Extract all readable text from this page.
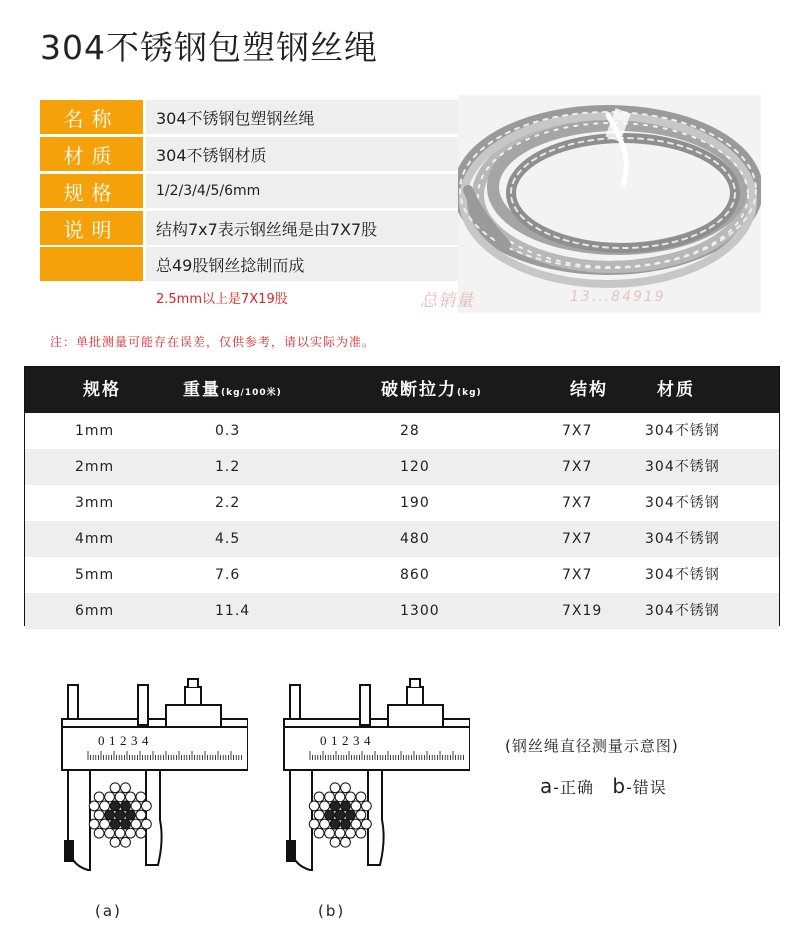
304不锈钢包塑钢丝绳
名称	304不锈钢包塑钢丝绳
材质	304不锈钢材质
规格	1/2/3/4/5/6mm
说明	结构7x7表示钢丝绳是由7X7股
总49股钢丝捻制而成
2.5mm以上是7X19股	总销量	13...84919
注：单批测量可能存在误差，仅供参考，请以实际为准。
规格	重量(kg/100米)	破断拉力(kg)	结构	材质
1mm	0.3	28	7X7	304不锈钢
2mm	1.2	120	7X7	304不锈钢
3mm	2.2	190	7X7	304不锈钢
4mm	4.5	480	7X7	304不锈钢
5mm	7.6	860	7X7	304不锈钢
6mm	11.4	1300	7X19	304不锈钢
0 1 2 3 4	0 1 2 3 4
(a)	(b)
(钢丝绳直径测量示意图)
a-正确 b-错误
